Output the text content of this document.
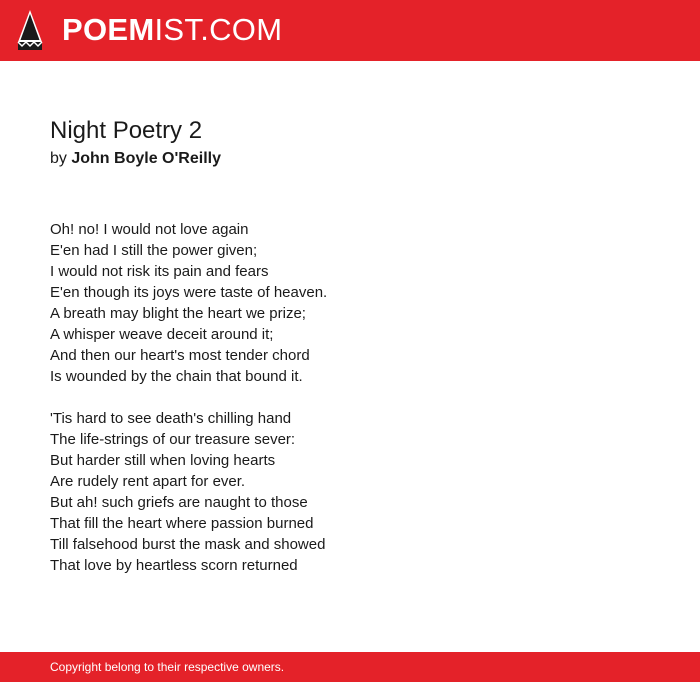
POEMIST.COM
Night Poetry 2
by John Boyle O'Reilly
Oh! no! I would not love again
E'en had I still the power given;
I would not risk its pain and fears
E'en though its joys were taste of heaven.
A breath may blight the heart we prize;
A whisper weave deceit around it;
And then our heart's most tender chord
Is wounded by the chain that bound it.
'Tis hard to see death's chilling hand
The life-strings of our treasure sever:
But harder still when loving hearts
Are rudely rent apart for ever.
But ah! such griefs are naught to those
That fill the heart where passion burned
Till falsehood burst the mask and showed
That love by heartless scorn returned
Copyright belong to their respective owners.
